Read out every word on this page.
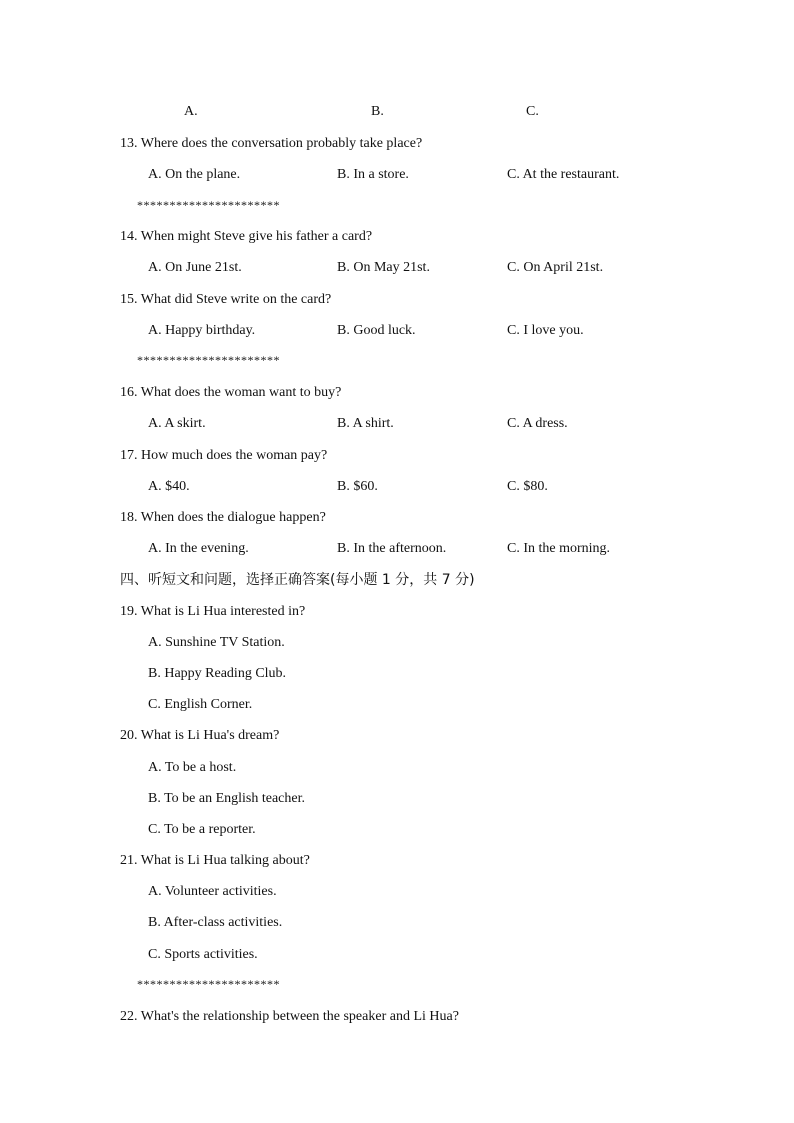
A.	B.	C.
13. Where does the conversation probably take place?
A. On the plane.	B. In a store.	C. At the restaurant.
**********************
14. When might Steve give his father a card?
A. On June 21st.	B. On May 21st.	C. On April 21st.
15. What did Steve write on the card?
A. Happy birthday.	B. Good luck.	C. I love you.
**********************
16. What does the woman want to buy?
A. A skirt.	B. A shirt.	C. A dress.
17. How much does the woman pay?
A. $40.	B. $60.	C. $80.
18. When does the dialogue happen?
A. In the evening.	B. In the afternoon.	C. In the morning.
四、听短文和问题，选择正确答案(每小题 1 分，共 7 分)
19. What is Li Hua interested in?
A. Sunshine TV Station.
B. Happy Reading Club.
C. English Corner.
20. What is Li Hua's dream?
A. To be a host.
B. To be an English teacher.
C. To be a reporter.
21. What is Li Hua talking about?
A. Volunteer activities.
B. After-class activities.
C. Sports activities.
**********************
22. What's the relationship between the speaker and Li Hua?
